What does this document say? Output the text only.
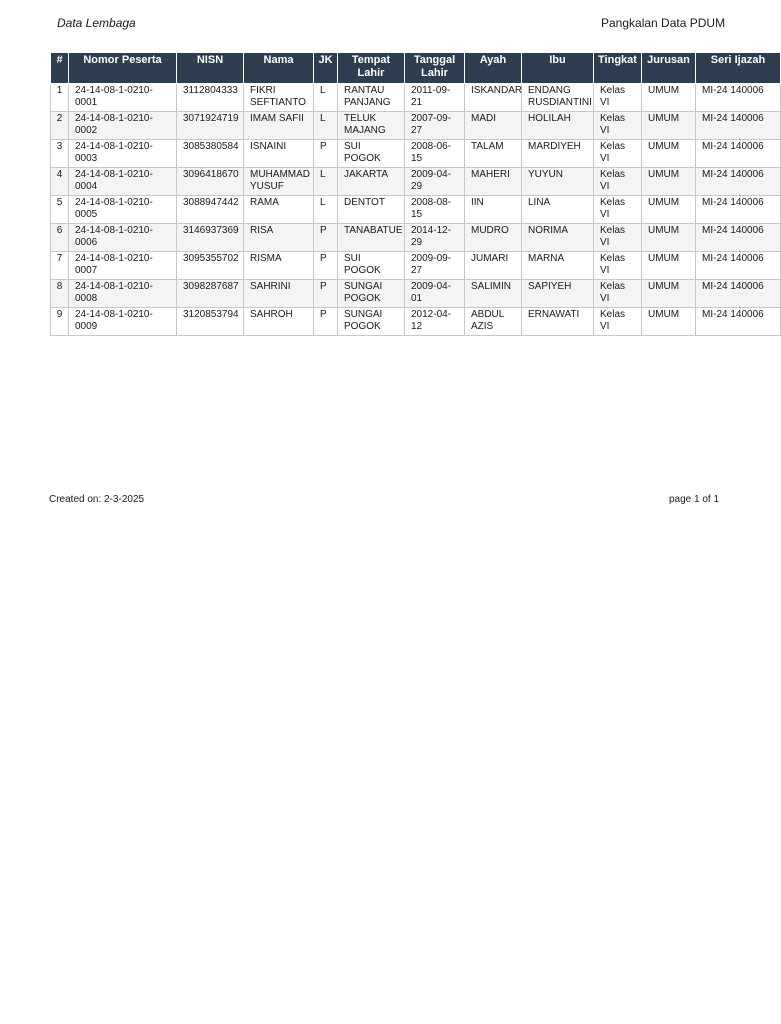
Data Lembaga	Pangkalan Data PDUM
#	Nomor Peserta	NISN	Nama	JK	Tempat Lahir	Tanggal Lahir	Ayah	Ibu	Tingkat	Jurusan	Seri Ijazah
1	24-14-08-1-0210-0001	3112804333	FIKRI SEFTIANTO	L	RANTAU PANJANG	2011-09-21	ISKANDAR	ENDANG RUSDIANTINI	Kelas VI	UMUM	MI-24 140006
2	24-14-08-1-0210-0002	3071924719	IMAM SAFII	L	TELUK MAJANG	2007-09-27	MADI	HOLILAH	Kelas VI	UMUM	MI-24 140006
3	24-14-08-1-0210-0003	3085380584	ISNAINI	P	SUI POGOK	2008-06-15	TALAM	MARDIYEH	Kelas VI	UMUM	MI-24 140006
4	24-14-08-1-0210-0004	3096418670	MUHAMMAD YUSUF	L	JAKARTA	2009-04-29	MAHERI	YUYUN	Kelas VI	UMUM	MI-24 140006
5	24-14-08-1-0210-0005	3088947442	RAMA	L	DENTOT	2008-08-15	IIN	LINA	Kelas VI	UMUM	MI-24 140006
6	24-14-08-1-0210-0006	3146937369	RISA	P	TANABATUE	2014-12-29	MUDRO	NORIMA	Kelas VI	UMUM	MI-24 140006
7	24-14-08-1-0210-0007	3095355702	RISMA	P	SUI POGOK	2009-09-27	JUMARI	MARNA	Kelas VI	UMUM	MI-24 140006
8	24-14-08-1-0210-0008	3098287687	SAHRINI	P	SUNGAI POGOK	2009-04-01	SALIMIN	SAPIYEH	Kelas VI	UMUM	MI-24 140006
9	24-14-08-1-0210-0009	3120853794	SAHROH	P	SUNGAI POGOK	2012-04-12	ABDUL AZIS	ERNAWATI	Kelas VI	UMUM	MI-24 140006
Created on: 2-3-2025	page 1 of 1
